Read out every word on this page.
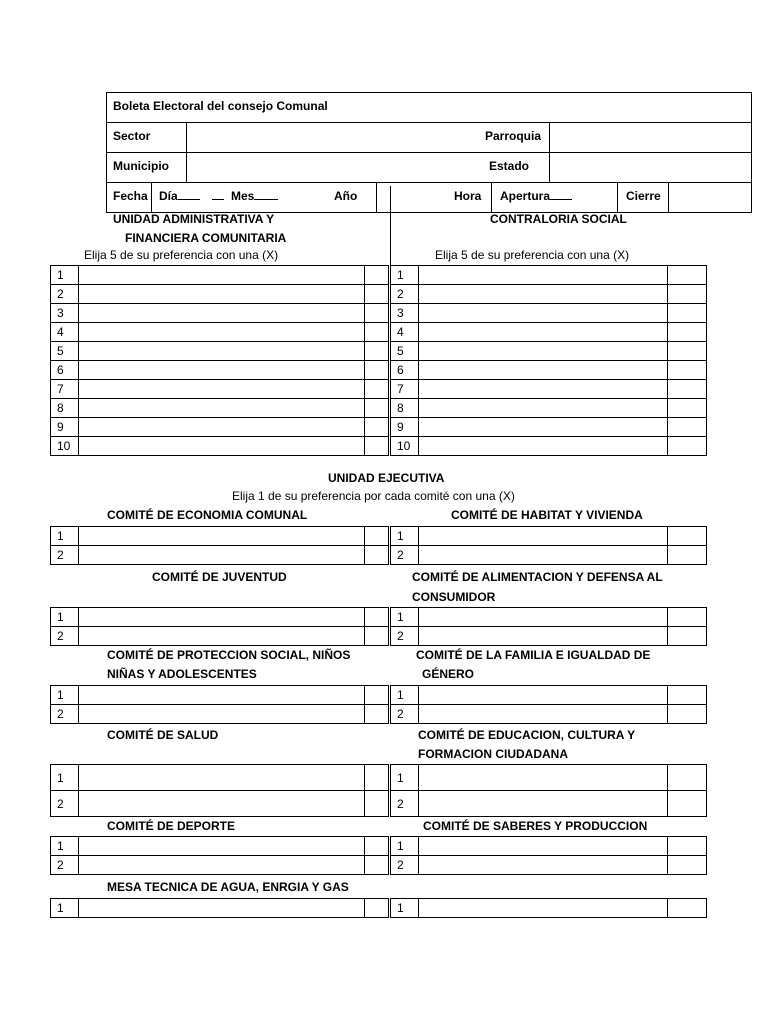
Boleta Electoral del consejo Comunal
Sector	Parroquia
Municipio	Estado
Fecha Día	Mes	Año	Hora Apertura	Cierre
UNIDAD ADMINISTRATIVA Y
FINANCIERA COMUNITARIA
Elija 5 de su preferencia con una (X)
CONTRALORIA SOCIAL
Elija 5 de su preferencia con una (X)
1		
2		
3		
4		
5		
6		
7		
8		
9		
10		
1		
2		
3		
4		
5		
6		
7		
8		
9		
10		
UNIDAD EJECUTIVA
Elija 1 de su preferencia por cada comité con una (X)
COMITÉ DE ECONOMIA COMUNAL	COMITÉ DE HABITAT Y VIVIENDA
1		
2		
1		
2		
COMITÉ DE JUVENTUD	COMITÉ DE ALIMENTACION Y DEFENSA AL
CONSUMIDOR
1		
2		
1		
2		
COMITÉ DE PROTECCION SOCIAL, NIÑOS
NIÑAS Y ADOLESCENTES
COMITÉ DE LA FAMILIA E IGUALDAD DE
GÉNERO
1		
2		
1		
2		
COMITÉ DE SALUD	COMITÉ DE EDUCACION, CULTURA Y
FORMACION CIUDADANA
1		
2		
1		
2		
COMITÉ DE DEPORTE	COMITÉ DE SABERES Y PRODUCCION
1		
2		
1		
2		
MESA TECNICA DE AGUA, ENRGIA Y GAS
1			1		
